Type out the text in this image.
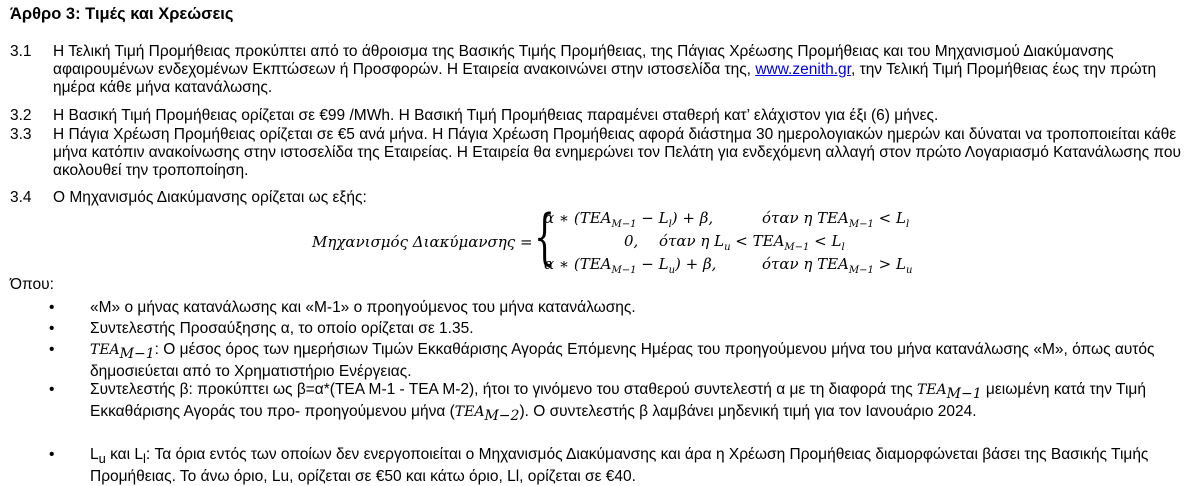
Άρθρο 3: Τιμές και Χρεώσεις
3.1	Η Τελική Τιμή Προμήθειας προκύπτει από το άθροισμα της Βασικής Τιμής Προμήθειας, της Πάγιας Χρέωσης Προμήθειας και του Μηχανισμού Διακύμανσης αφαιρουμένων ενδεχομένων Εκπτώσεων ή Προσφορών. Η Εταιρεία ανακοινώνει στην ιστοσελίδα της, www.zenith.gr, την Τελική Τιμή Προμήθειας έως την πρώτη ημέρα κάθε μήνα κατανάλωσης.
3.2	Η Βασική Τιμή Προμήθειας ορίζεται σε €99 /MWh. Η Βασική Τιμή Προμήθειας παραμένει σταθερή κατ’ ελάχιστον για έξι (6) μήνες.
3.3	Η Πάγια Χρέωση Προμήθειας ορίζεται σε €5 ανά μήνα. Η Πάγια Χρέωση Προμήθειας αφορά διάστημα 30 ημερολογιακών ημερών και δύναται να τροποποιείται κάθε μήνα κατόπιν ανακοίνωσης στην ιστοσελίδα της Εταιρείας. Η Εταιρεία θα ενημερώνει τον Πελάτη για ενδεχόμενη αλλαγή στον πρώτο Λογαριασμό Κατανάλωσης που ακολουθεί την τροποποίηση.
3.4	Ο Μηχανισμός Διακύμανσης ορίζεται ως εξής:
Μηχανισμός Διακύμανσης = {
α ∗ $(TEA_{M-1} - L_l) + \beta$,	όταν η $TEA_{M-1} < L_l$
0, όταν η $L_u < TEA_{M-1} < L_l$
α ∗ $(TEA_{M-1} - L_u) + \beta$,	όταν η $TEA_{M-1} > L_u$
Όπου:
• «Μ» ο μήνας κατανάλωσης και «Μ-1» ο προηγούμενος του μήνα κατανάλωσης.
• Συντελεστής Προσαύξησης α, το οποίο ορίζεται σε 1.35.
•	$TEA_{M-1}$: Ο μέσος όρος των ημερήσιων Τιμών Εκκαθάρισης Αγοράς Επόμενης Ημέρας του προηγούμενου μήνα του μήνα κατανάλωσης «Μ», όπως αυτός δημοσιεύεται από το Χρηματιστήριο Ενέργειας.
• Συντελεστής β: προκύπτει ως β=α*(ΤΕΑ Μ-1 - ΤΕΑ Μ-2), ήτοι το γινόμενο του σταθερού συντελεστή α με τη διαφορά της $TEA_{M-1}$ μειωμένη κατά την Τιμή Εκκαθάρισης Αγοράς του προ- προηγούμενου μήνα $(TEA_{M-2})$. Ο συντελεστής β λαμβάνει μηδενική τιμή για τον Ιανουάριο 2024.
• $L_u$ και $L_l$: Τα όρια εντός των οποίων δεν ενεργοποιείται ο Μηχανισμός Διακύμανσης και άρα η Χρέωση Προμήθειας διαμορφώνεται βάσει της Βασικής Τιμής Προμήθειας. Το άνω όριο, Lu, ορίζεται σε €50 και κάτω όριο, Ll, ορίζεται σε €40.
